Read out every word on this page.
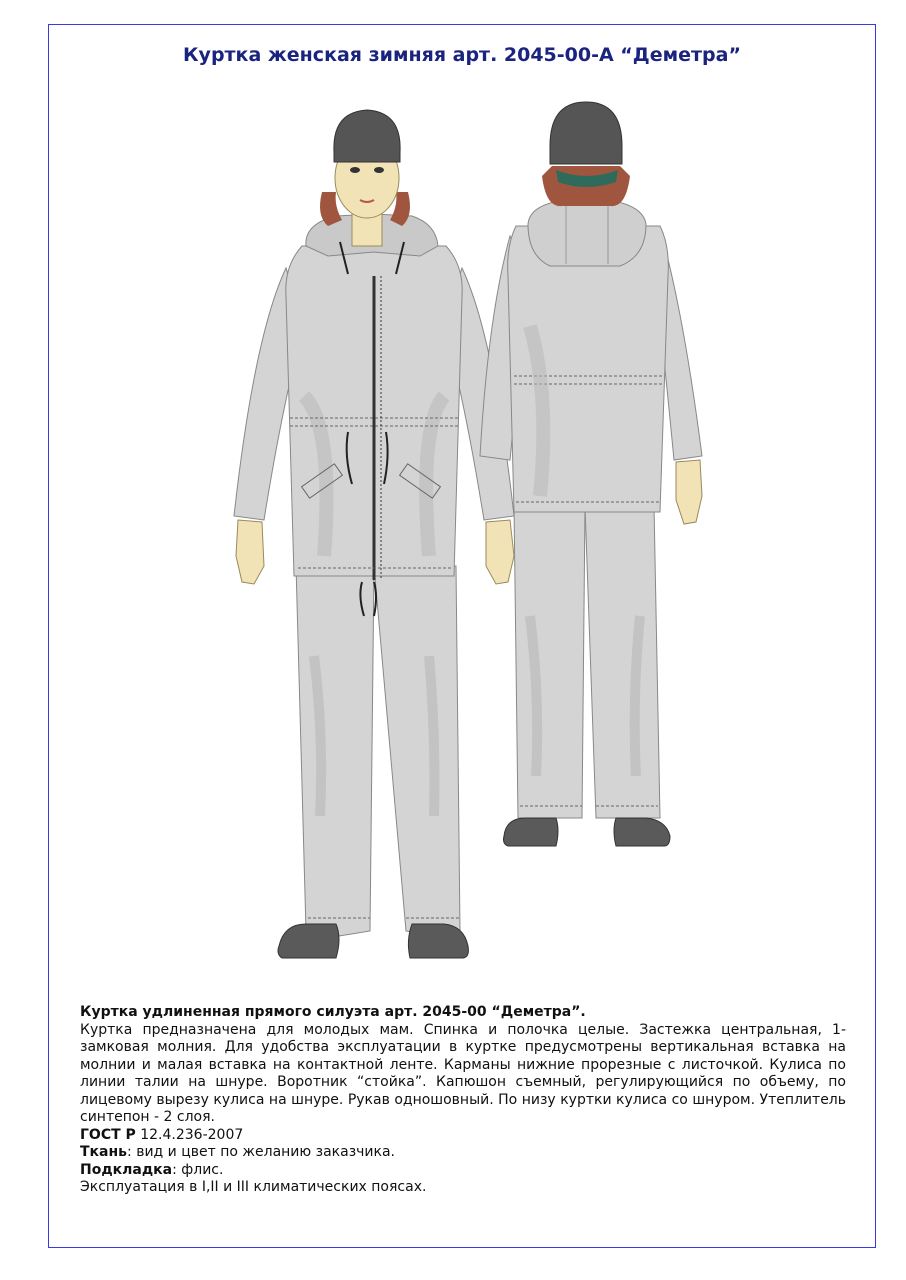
Куртка женская зимняя арт. 2045-00-А “Деметра”
Куртка удлиненная прямого силуэта арт. 2045-00 “Деметра”.
Куртка предназначена для молодых мам. Спинка и полочка целые. Застежка центральная, 1-замковая молния. Для удобства эксплуатации в куртке предусмотрены вертикальная вставка на молнии и малая вставка на контактной ленте. Карманы нижние прорезные с листочкой. Кулиса по линии талии на шнуре. Воротник “стойка”. Капюшон съемный, регулирующийся по объему, по лицевому вырезу кулиса на шнуре. Рукав одношовный. По низу куртки кулиса со шнуром. Утеплитель синтепон - 2 слоя.
ГОСТ Р 12.4.236-2007
Ткань: вид и цвет по желанию заказчика.
Подкладка: флис.
Эксплуатация в I,II и III климатических поясах.
